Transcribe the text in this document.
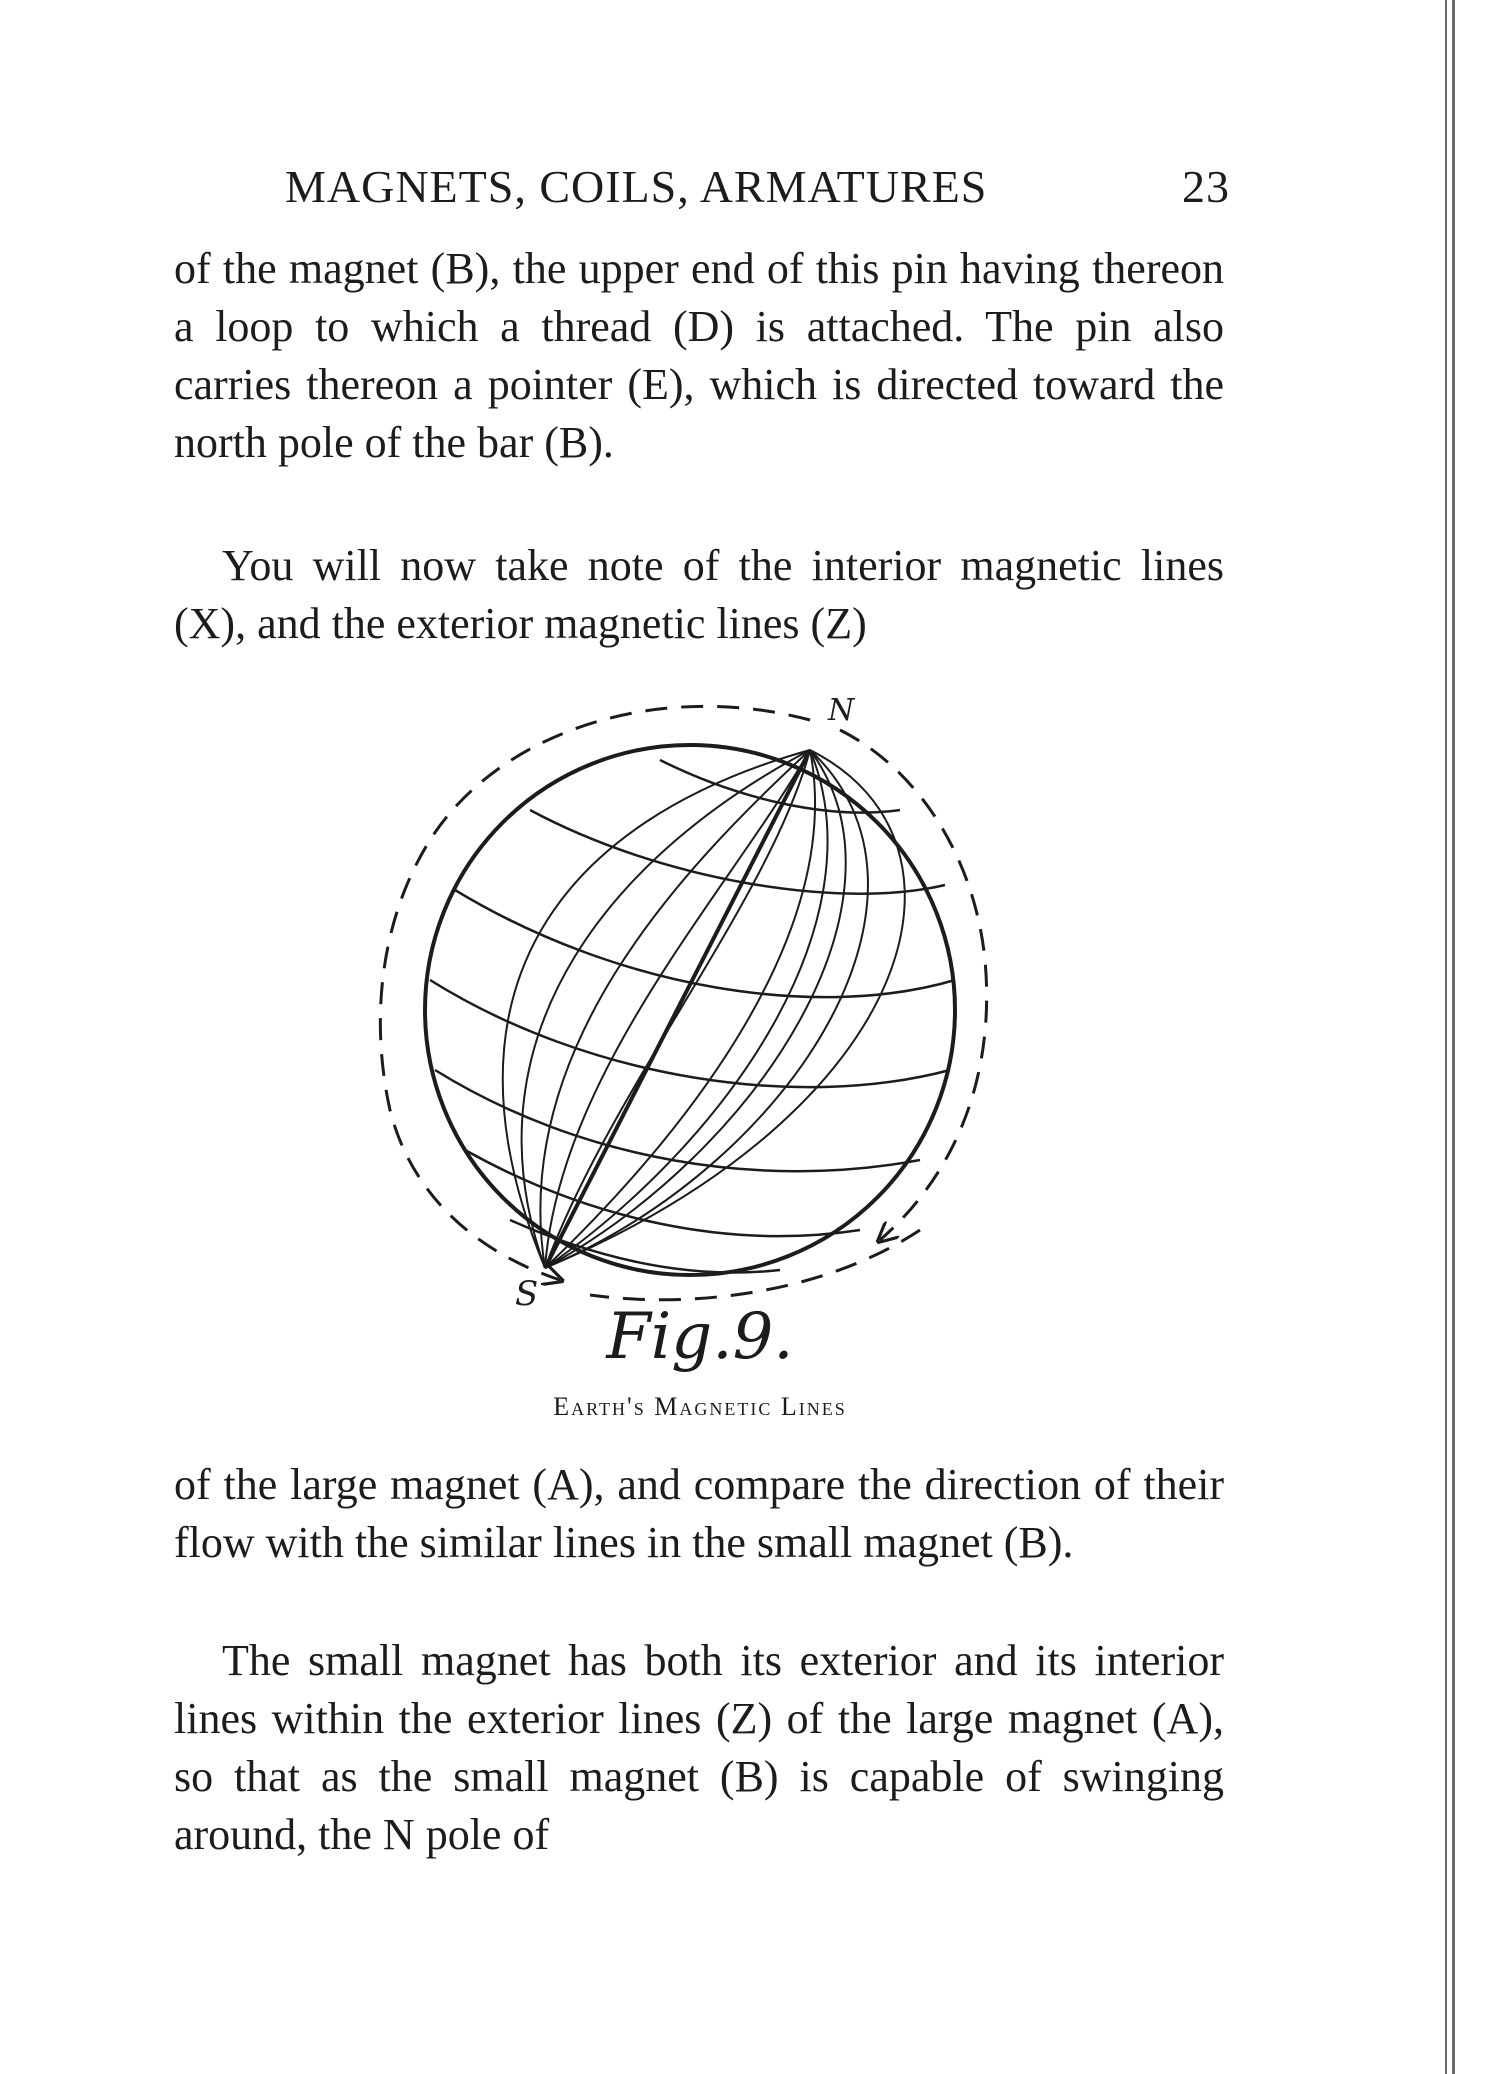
MAGNETS, COILS, ARMATURES	23

of the magnet (B), the upper end of this pin having thereon a loop to which a thread (D) is attached. The pin also carries thereon a pointer (E), which is directed toward the north pole of the bar (B).

You will now take note of the interior magnetic lines (X), and the exterior magnetic lines (Z)

N
S
Fig.9.
Earth's Magnetic Lines

of the large magnet (A), and compare the direction of their flow with the similar lines in the small magnet (B).

The small magnet has both its exterior and its interior lines within the exterior lines (Z) of the large magnet (A), so that as the small magnet (B) is capable of swinging around, the N pole of
